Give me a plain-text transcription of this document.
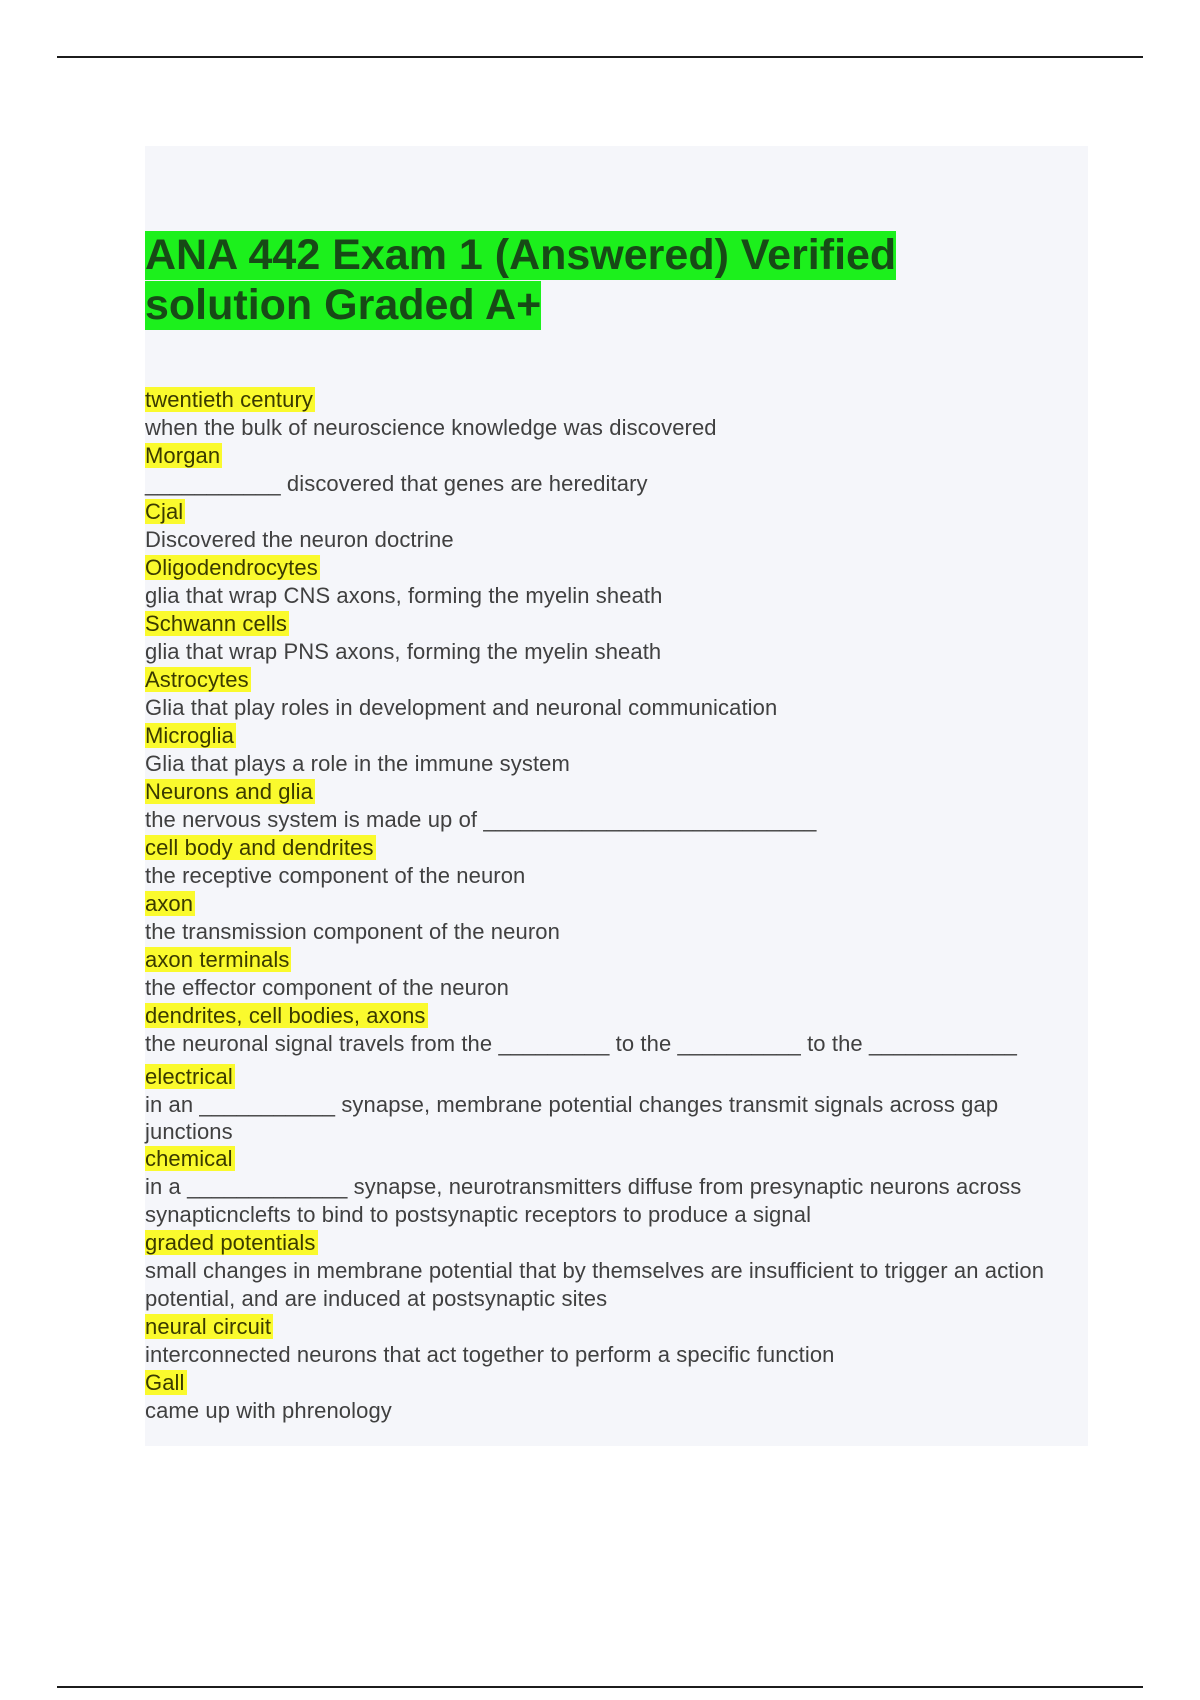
ANA 442 Exam 1 (Answered) Verified
solution Graded A+
twentieth century
when the bulk of neuroscience knowledge was discovered
Morgan
___________ discovered that genes are hereditary
Cjal
Discovered the neuron doctrine
Oligodendrocytes
glia that wrap CNS axons, forming the myelin sheath
Schwann cells
glia that wrap PNS axons, forming the myelin sheath
Astrocytes
Glia that play roles in development and neuronal communication
Microglia
Glia that plays a role in the immune system
Neurons and glia
the nervous system is made up of ___________________________
cell body and dendrites
the receptive component of the neuron
axon
the transmission component of the neuron
axon terminals
the effector component of the neuron
dendrites, cell bodies, axons
the neuronal signal travels from the _________ to the __________ to the ____________
electrical
in an ___________ synapse, membrane potential changes transmit signals across gap junctions
chemical
in a _____________ synapse, neurotransmitters diffuse from presynaptic neurons across synapticnclefts to bind to postsynaptic receptors to produce a signal
graded potentials
small changes in membrane potential that by themselves are insufficient to trigger an action potential, and are induced at postsynaptic sites
neural circuit
interconnected neurons that act together to perform a specific function
Gall
came up with phrenology
